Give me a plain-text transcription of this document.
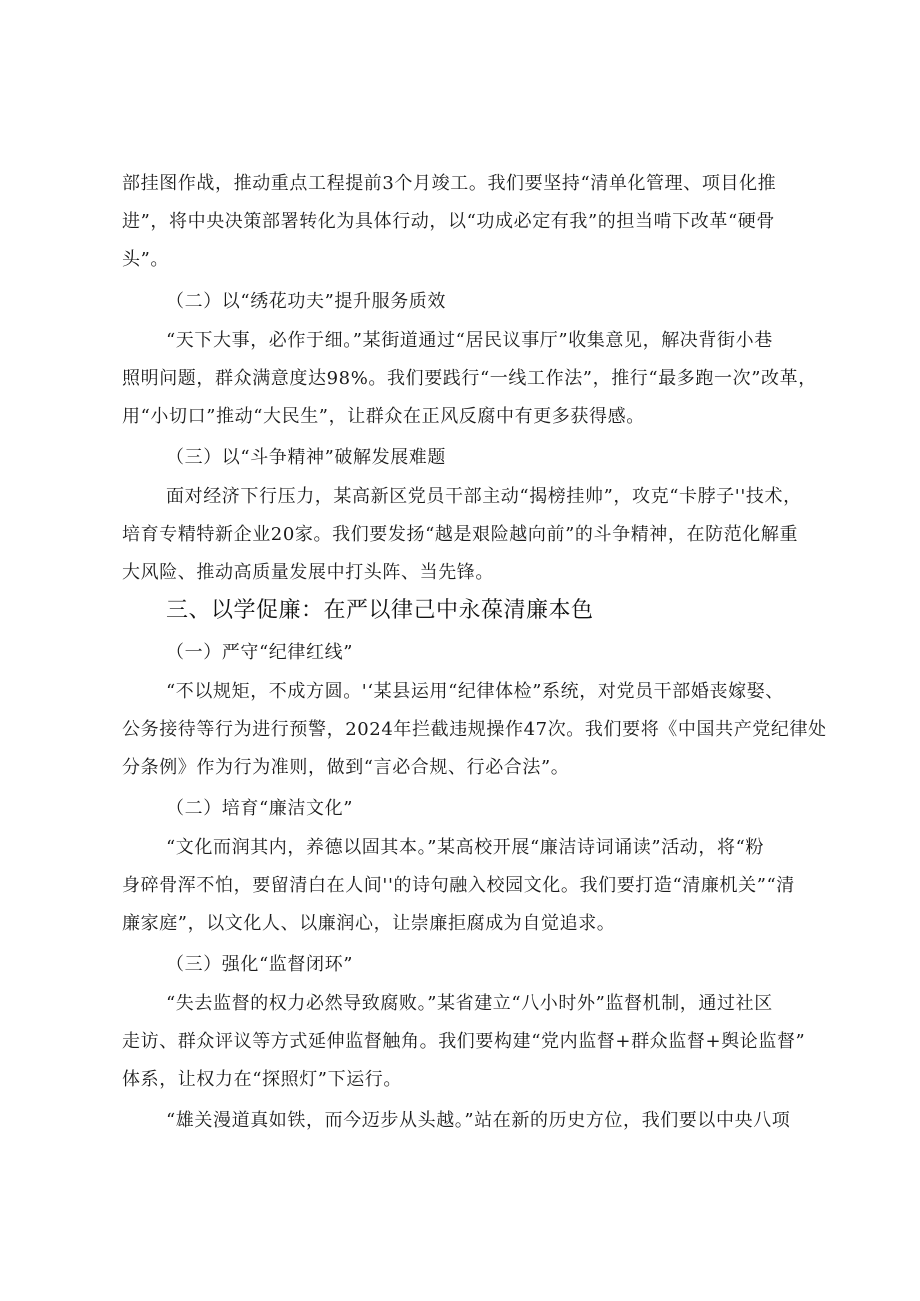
部挂图作战，推动重点工程提前3个月竣工。我们要坚持“清单化管理、项目化推
进”，将中央决策部署转化为具体行动，以“功成必定有我”的担当啃下改革“硬骨
头”。
（二）以“绣花功夫”提升服务质效
“天下大事，必作于细。”某街道通过“居民议事厅”收集意见，解决背街小巷
照明问题，群众满意度达98%。我们要践行“一线工作法”，推行“最多跑一次”改革，
用“小切口”推动“大民生”，让群众在正风反腐中有更多获得感。
（三）以“斗争精神”破解发展难题
面对经济下行压力，某高新区党员干部主动“揭榜挂帅”，攻克“卡脖子''技术，
培育专精特新企业20家。我们要发扬“越是艰险越向前”的斗争精神，在防范化解重
大风险、推动高质量发展中打头阵、当先锋。
三、以学促廉：在严以律己中永葆清廉本色
（一）严守“纪律红线”
“不以规矩，不成方圆。'‘某县运用“纪律体检”系统，对党员干部婚丧嫁娶、
公务接待等行为进行预警，2024年拦截违规操作47次。我们要将《中国共产党纪律处
分条例》作为行为准则，做到“言必合规、行必合法”。
（二）培育“廉洁文化”
“文化而润其内，养德以固其本。”某高校开展“廉洁诗词诵读”活动，将“粉
身碎骨浑不怕，要留清白在人间''的诗句融入校园文化。我们要打造“清廉机关”“清
廉家庭”，以文化人、以廉润心，让崇廉拒腐成为自觉追求。
（三）强化“监督闭环”
“失去监督的权力必然导致腐败。”某省建立“八小时外”监督机制，通过社区
走访、群众评议等方式延伸监督触角。我们要构建“党内监督+群众监督+舆论监督”
体系，让权力在“探照灯”下运行。
“雄关漫道真如铁，而今迈步从头越。”站在新的历史方位，我们要以中央八项
